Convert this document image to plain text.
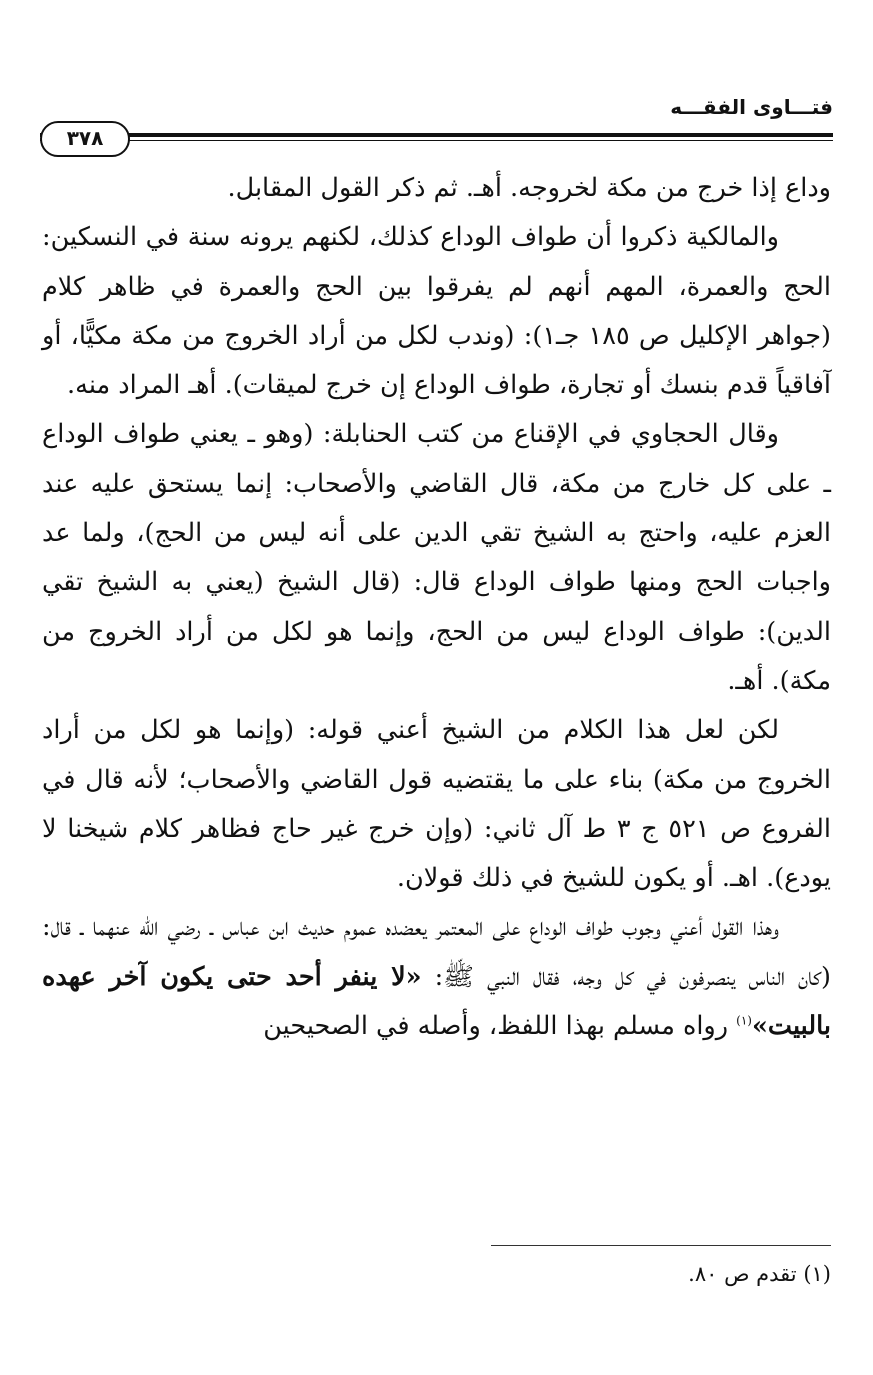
فتـــاوى الفقـــه
٣٧٨

وداع إذا خرج من مكة لخروجه. أهـ. ثم ذكر القول المقابل.

والمالكية ذكروا أن طواف الوداع كذلك، لكنهم يرونه سنة في النسكين: الحج والعمرة، المهم أنهم لم يفرقوا بين الحج والعمرة في ظاهر كلام (جواهر الإكليل ص ١٨٥ جـ١): (وندب لكل من أراد الخروج من مكة مكيًّا، أو آفاقياً قدم بنسك أو تجارة، طواف الوداع إن خرج لميقات). أهـ المراد منه.

وقال الحجاوي في الإقناع من كتب الحنابلة: (وهو ـ يعني طواف الوداع ـ على كل خارج من مكة، قال القاضي والأصحاب: إنما يستحق عليه عند العزم عليه، واحتج به الشيخ تقي الدين على أنه ليس من الحج)، ولما عد واجبات الحج ومنها طواف الوداع قال: (قال الشيخ (يعني به الشيخ تقي الدين): طواف الوداع ليس من الحج، وإنما هو لكل من أراد الخروج من مكة). أهـ.

لكن لعل هذا الكلام من الشيخ أعني قوله: (وإنما هو لكل من أراد الخروج من مكة) بناء على ما يقتضيه قول القاضي والأصحاب؛ لأنه قال في الفروع ص ٥٢١ ج ٣ ط آل ثاني: (وإن خرج غير حاج فظاهر كلام شيخنا لا يودع). اهـ. أو يكون للشيخ في ذلك قولان.

وهذا القول أعني وجوب طواف الوداع على المعتمر يعضده عموم حديث ابن عباس ـ رضي الله عنهما ـ قال: (كان الناس ينصرفون في كل وجه، فقال النبي ﷺ: «لا ينفر أحد حتى يكون آخر عهده بالبيت»$^{(١)}$ رواه مسلم بهذا اللفظ، وأصله في الصحيحين

(١) تقدم ص ٨٠.
